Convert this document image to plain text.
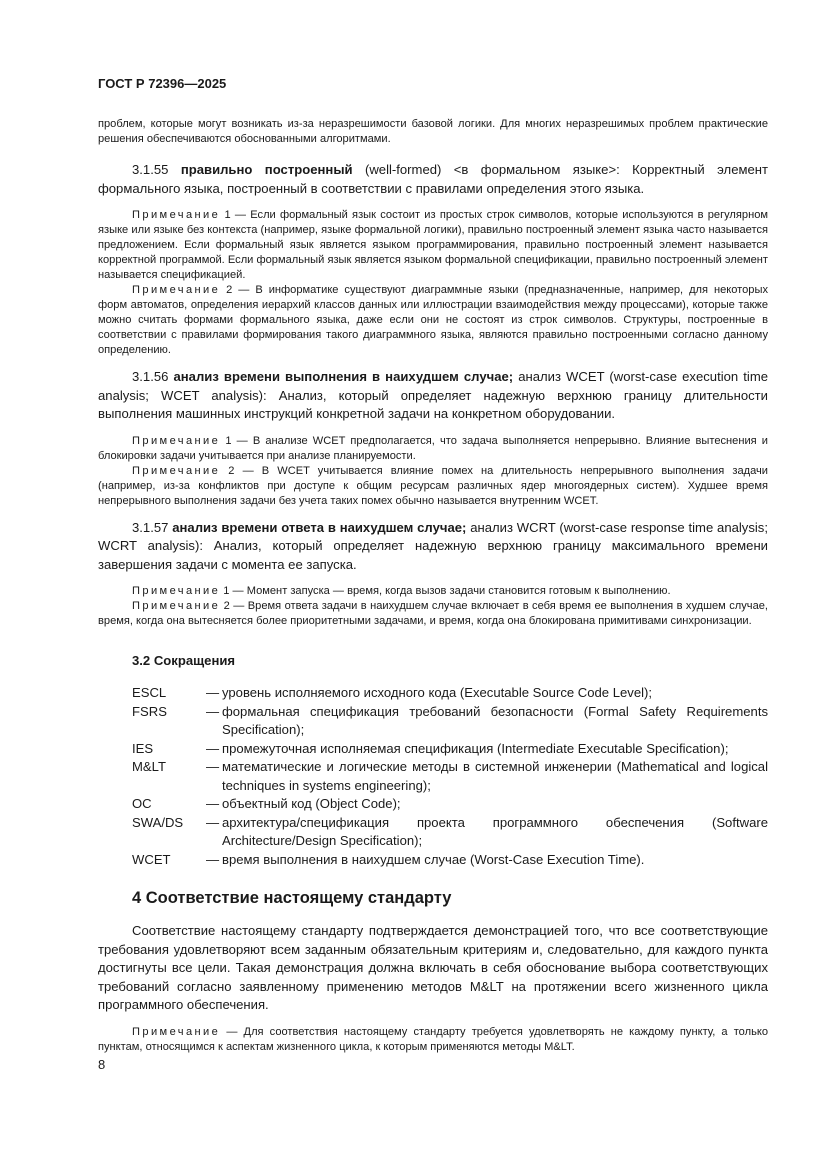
ГОСТ Р 72396—2025

проблем, которые могут возникать из-за неразрешимости базовой логики. Для многих неразрешимых проблем практические решения обеспечиваются обоснованными алгоритмами.

3.1.55 правильно построенный (well-formed) <в формальном языке>: Корректный элемент формального языка, построенный в соответствии с правилами определения этого языка.

Примечание 1 — Если формальный язык состоит из простых строк символов, которые используются в регулярном языке или языке без контекста (например, языке формальной логики), правильно построенный элемент языка часто называется предложением. Если формальный язык является языком программирования, правильно построенный элемент называется корректной программой. Если формальный язык является языком формальной спецификации, правильно построенный элемент называется спецификацией.

Примечание 2 — В информатике существуют диаграммные языки (предназначенные, например, для некоторых форм автоматов, определения иерархий классов данных или иллюстрации взаимодействия между процессами), которые также можно считать формами формального языка, даже если они не состоят из строк символов. Структуры, построенные в соответствии с правилами формирования такого диаграммного языка, являются правильно построенными согласно данному определению.

3.1.56 анализ времени выполнения в наихудшем случае; анализ WCET (worst-case execution time analysis; WCET analysis): Анализ, который определяет надежную верхнюю границу длительности выполнения машинных инструкций конкретной задачи на конкретном оборудовании.

Примечание 1 — В анализе WCET предполагается, что задача выполняется непрерывно. Влияние вытеснения и блокировки задачи учитывается при анализе планируемости.

Примечание 2 — В WCET учитывается влияние помех на длительность непрерывного выполнения задачи (например, из-за конфликтов при доступе к общим ресурсам различных ядер многоядерных систем). Худшее время непрерывного выполнения задачи без учета таких помех обычно называется внутренним WCET.

3.1.57 анализ времени ответа в наихудшем случае; анализ WCRT (worst-case response time analysis; WCRT analysis): Анализ, который определяет надежную верхнюю границу максимального времени завершения задачи с момента ее запуска.

Примечание 1 — Момент запуска — время, когда вызов задачи становится готовым к выполнению.

Примечание 2 — Время ответа задачи в наихудшем случае включает в себя время ее выполнения в худшем случае, время, когда она вытесняется более приоритетными задачами, и время, когда она блокирована примитивами синхронизации.

3.2 Сокращения
ESCL	— уровень исполняемого исходного кода (Executable Source Code Level);
FSRS	— формальная спецификация требований безопасности (Formal Safety Requirements Specification);
IES	— промежуточная исполняемая спецификация (Intermediate Executable Specification);
M&LT	— математические и логические методы в системной инженерии (Mathematical and logical techniques in systems engineering);
OC	— объектный код (Object Code);
SWA/DS	— архитектура/спецификация проекта программного обеспечения (Software Architecture/Design Specification);
WCET	— время выполнения в наихудшем случае (Worst-Case Execution Time).
4 Соответствие настоящему стандарту

Соответствие настоящему стандарту подтверждается демонстрацией того, что все соответствующие требования удовлетворяют всем заданным обязательным критериям и, следовательно, для каждого пункта достигнуты все цели. Такая демонстрация должна включать в себя обоснование выбора соответствующих требований согласно заявленному применению методов M&LT на протяжении всего жизненного цикла программного обеспечения.

Примечание — Для соответствия настоящему стандарту требуется удовлетворять не каждому пункту, а только пунктам, относящимся к аспектам жизненного цикла, к которым применяются методы M&LT.

8
